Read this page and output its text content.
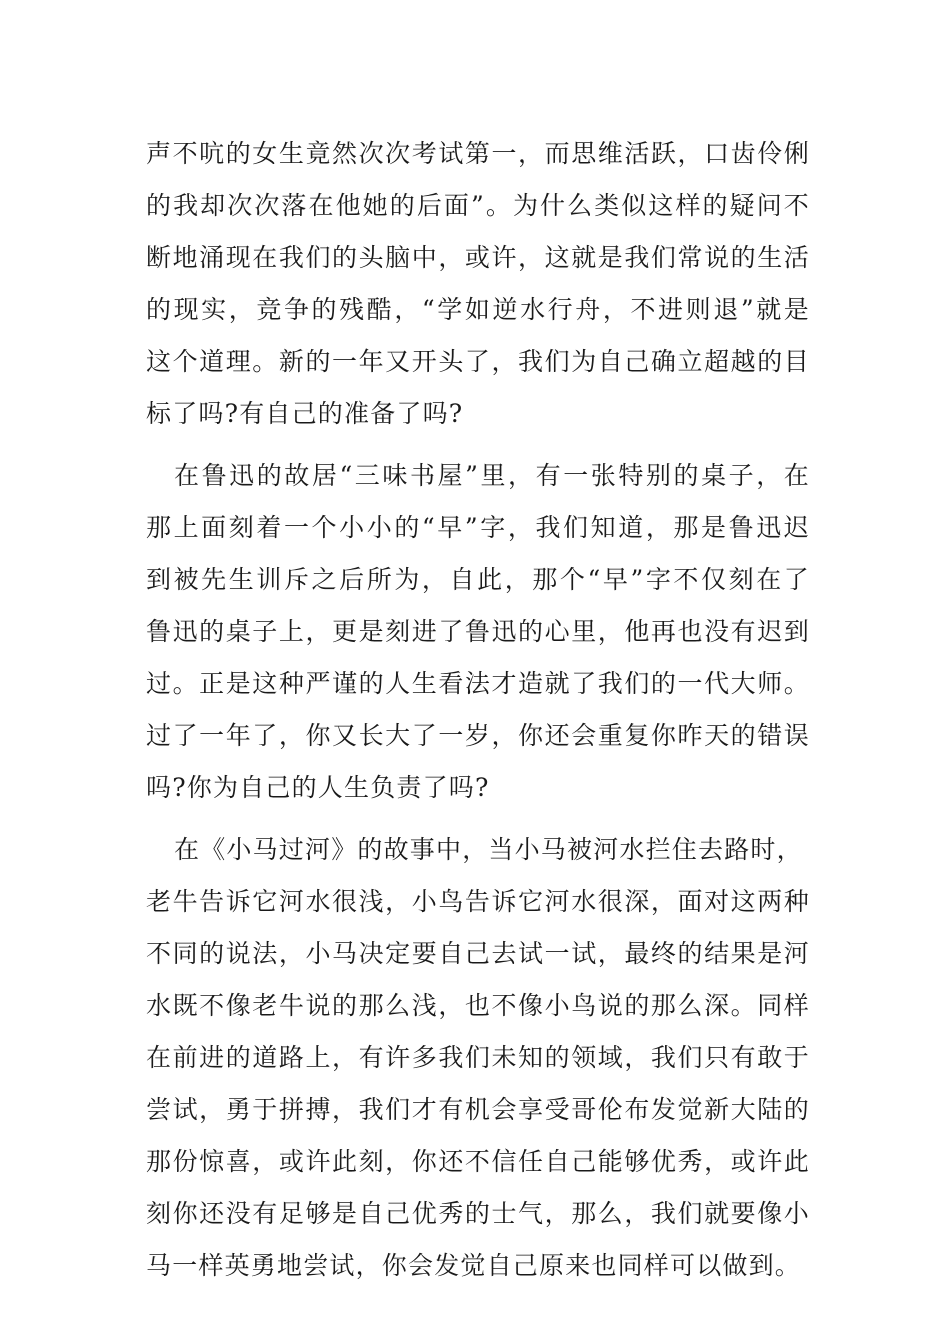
声不吭的女生竟然次次考试第一，而思维活跃，口齿伶俐
的我却次次落在他她的后面”。为什么类似这样的疑问不
断地涌现在我们的头脑中，或许，这就是我们常说的生活
的现实，竞争的残酷，“学如逆水行舟，不进则退”就是
这个道理。新的一年又开头了，我们为自己确立超越的目
标了吗?有自己的准备了吗?
在鲁迅的故居“三味书屋”里，有一张特别的桌子，在
那上面刻着一个小小的“早”字，我们知道，那是鲁迅迟
到被先生训斥之后所为，自此，那个“早”字不仅刻在了
鲁迅的桌子上，更是刻进了鲁迅的心里，他再也没有迟到
过。正是这种严谨的人生看法才造就了我们的一代大师。
过了一年了，你又长大了一岁，你还会重复你昨天的错误
吗?你为自己的人生负责了吗?
在《小马过河》的故事中，当小马被河水拦住去路时，
老牛告诉它河水很浅，小鸟告诉它河水很深，面对这两种
不同的说法，小马决定要自己去试一试，最终的结果是河
水既不像老牛说的那么浅，也不像小鸟说的那么深。同样
在前进的道路上，有许多我们未知的领域，我们只有敢于
尝试，勇于拼搏，我们才有机会享受哥伦布发觉新大陆的
那份惊喜，或许此刻，你还不信任自己能够优秀，或许此
刻你还没有足够是自己优秀的士气，那么，我们就要像小
马一样英勇地尝试，你会发觉自己原来也同样可以做到。
